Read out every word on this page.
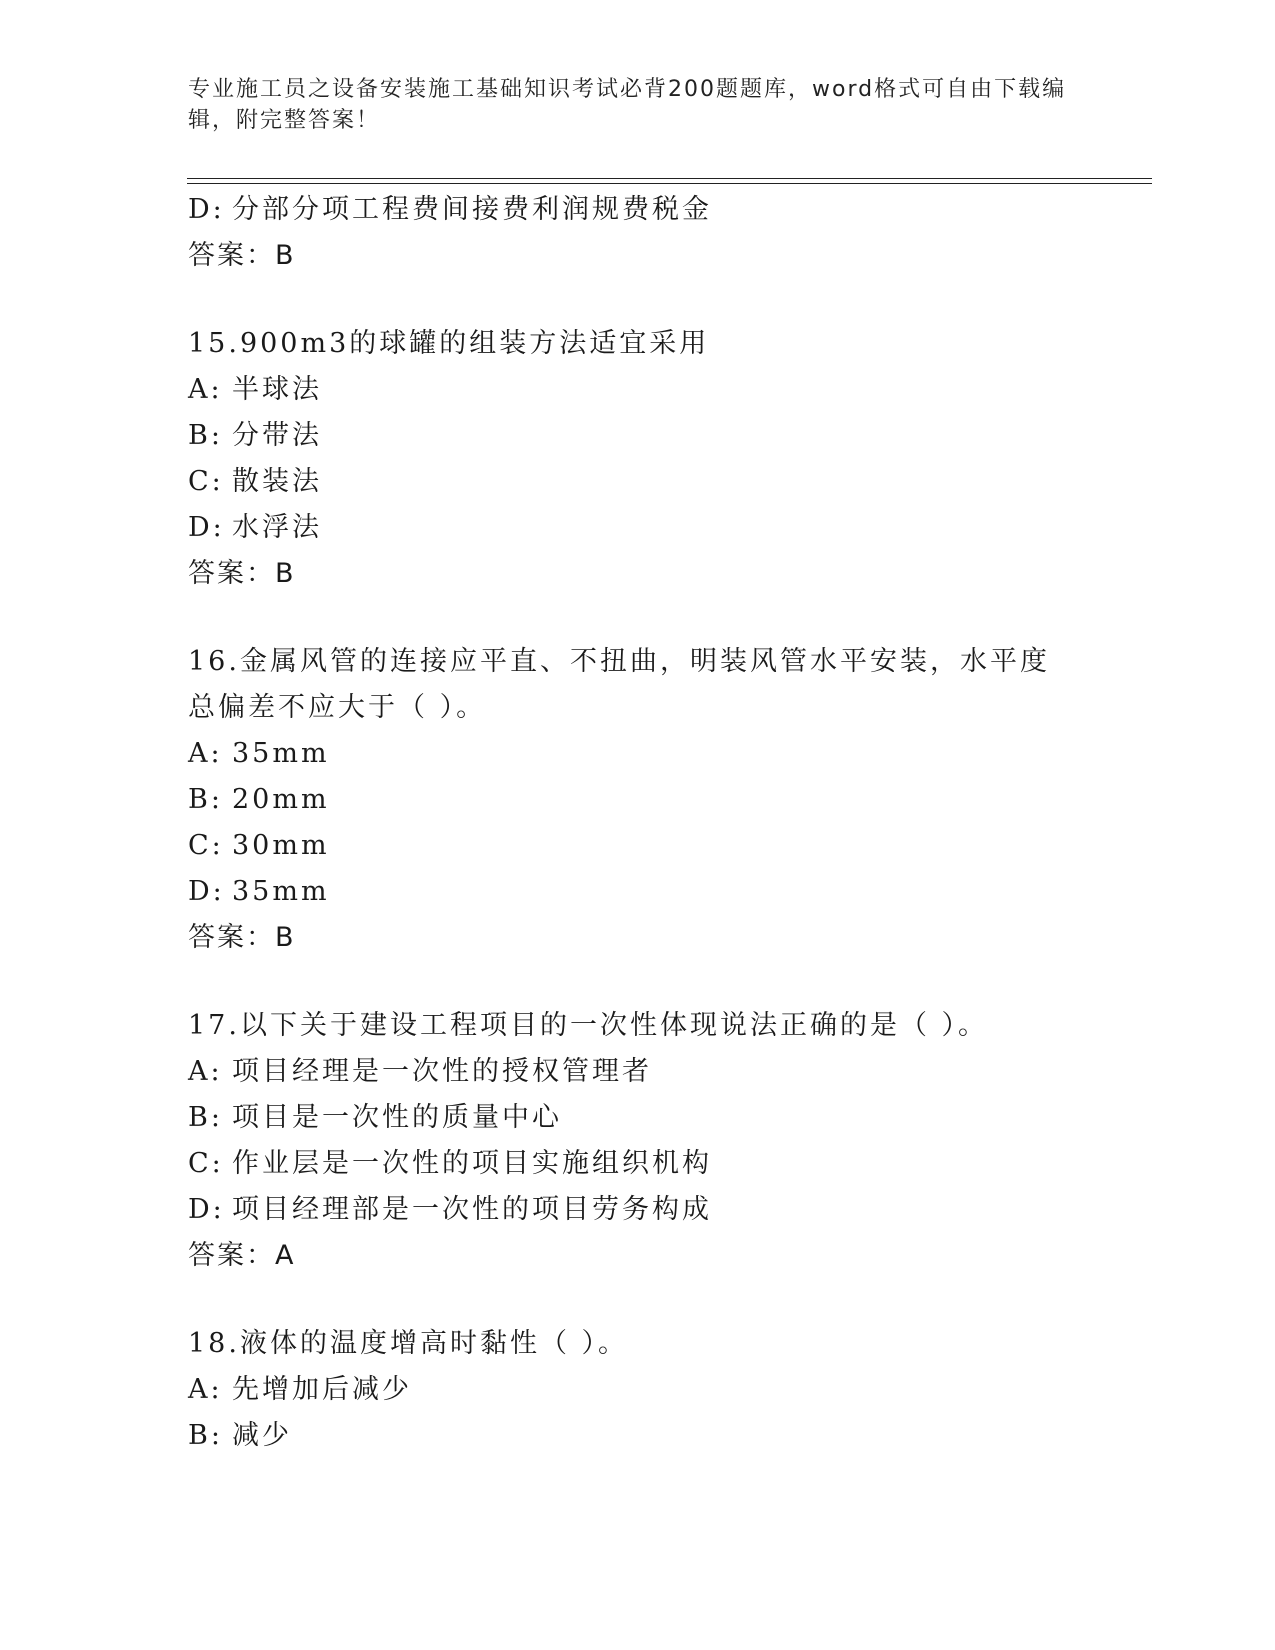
专业施工员之设备安装施工基础知识考试必背200题题库，word格式可自由下载编辑，附完整答案！
D: 分部分项工程费间接费利润规费税金
答案：B
15.900m3的球罐的组装方法适宜采用
A: 半球法
B: 分带法
C: 散装法
D: 水浮法
答案：B
16.金属风管的连接应平直、不扭曲，明装风管水平安装，水平度总偏差不应大于（ ）。
A: 35mm
B: 20mm
C: 30mm
D: 35mm
答案：B
17.以下关于建设工程项目的一次性体现说法正确的是（ ）。
A: 项目经理是一次性的授权管理者
B: 项目是一次性的质量中心
C: 作业层是一次性的项目实施组织机构
D: 项目经理部是一次性的项目劳务构成
答案：A
18.液体的温度增高时黏性（ ）。
A: 先增加后减少
B: 减少
